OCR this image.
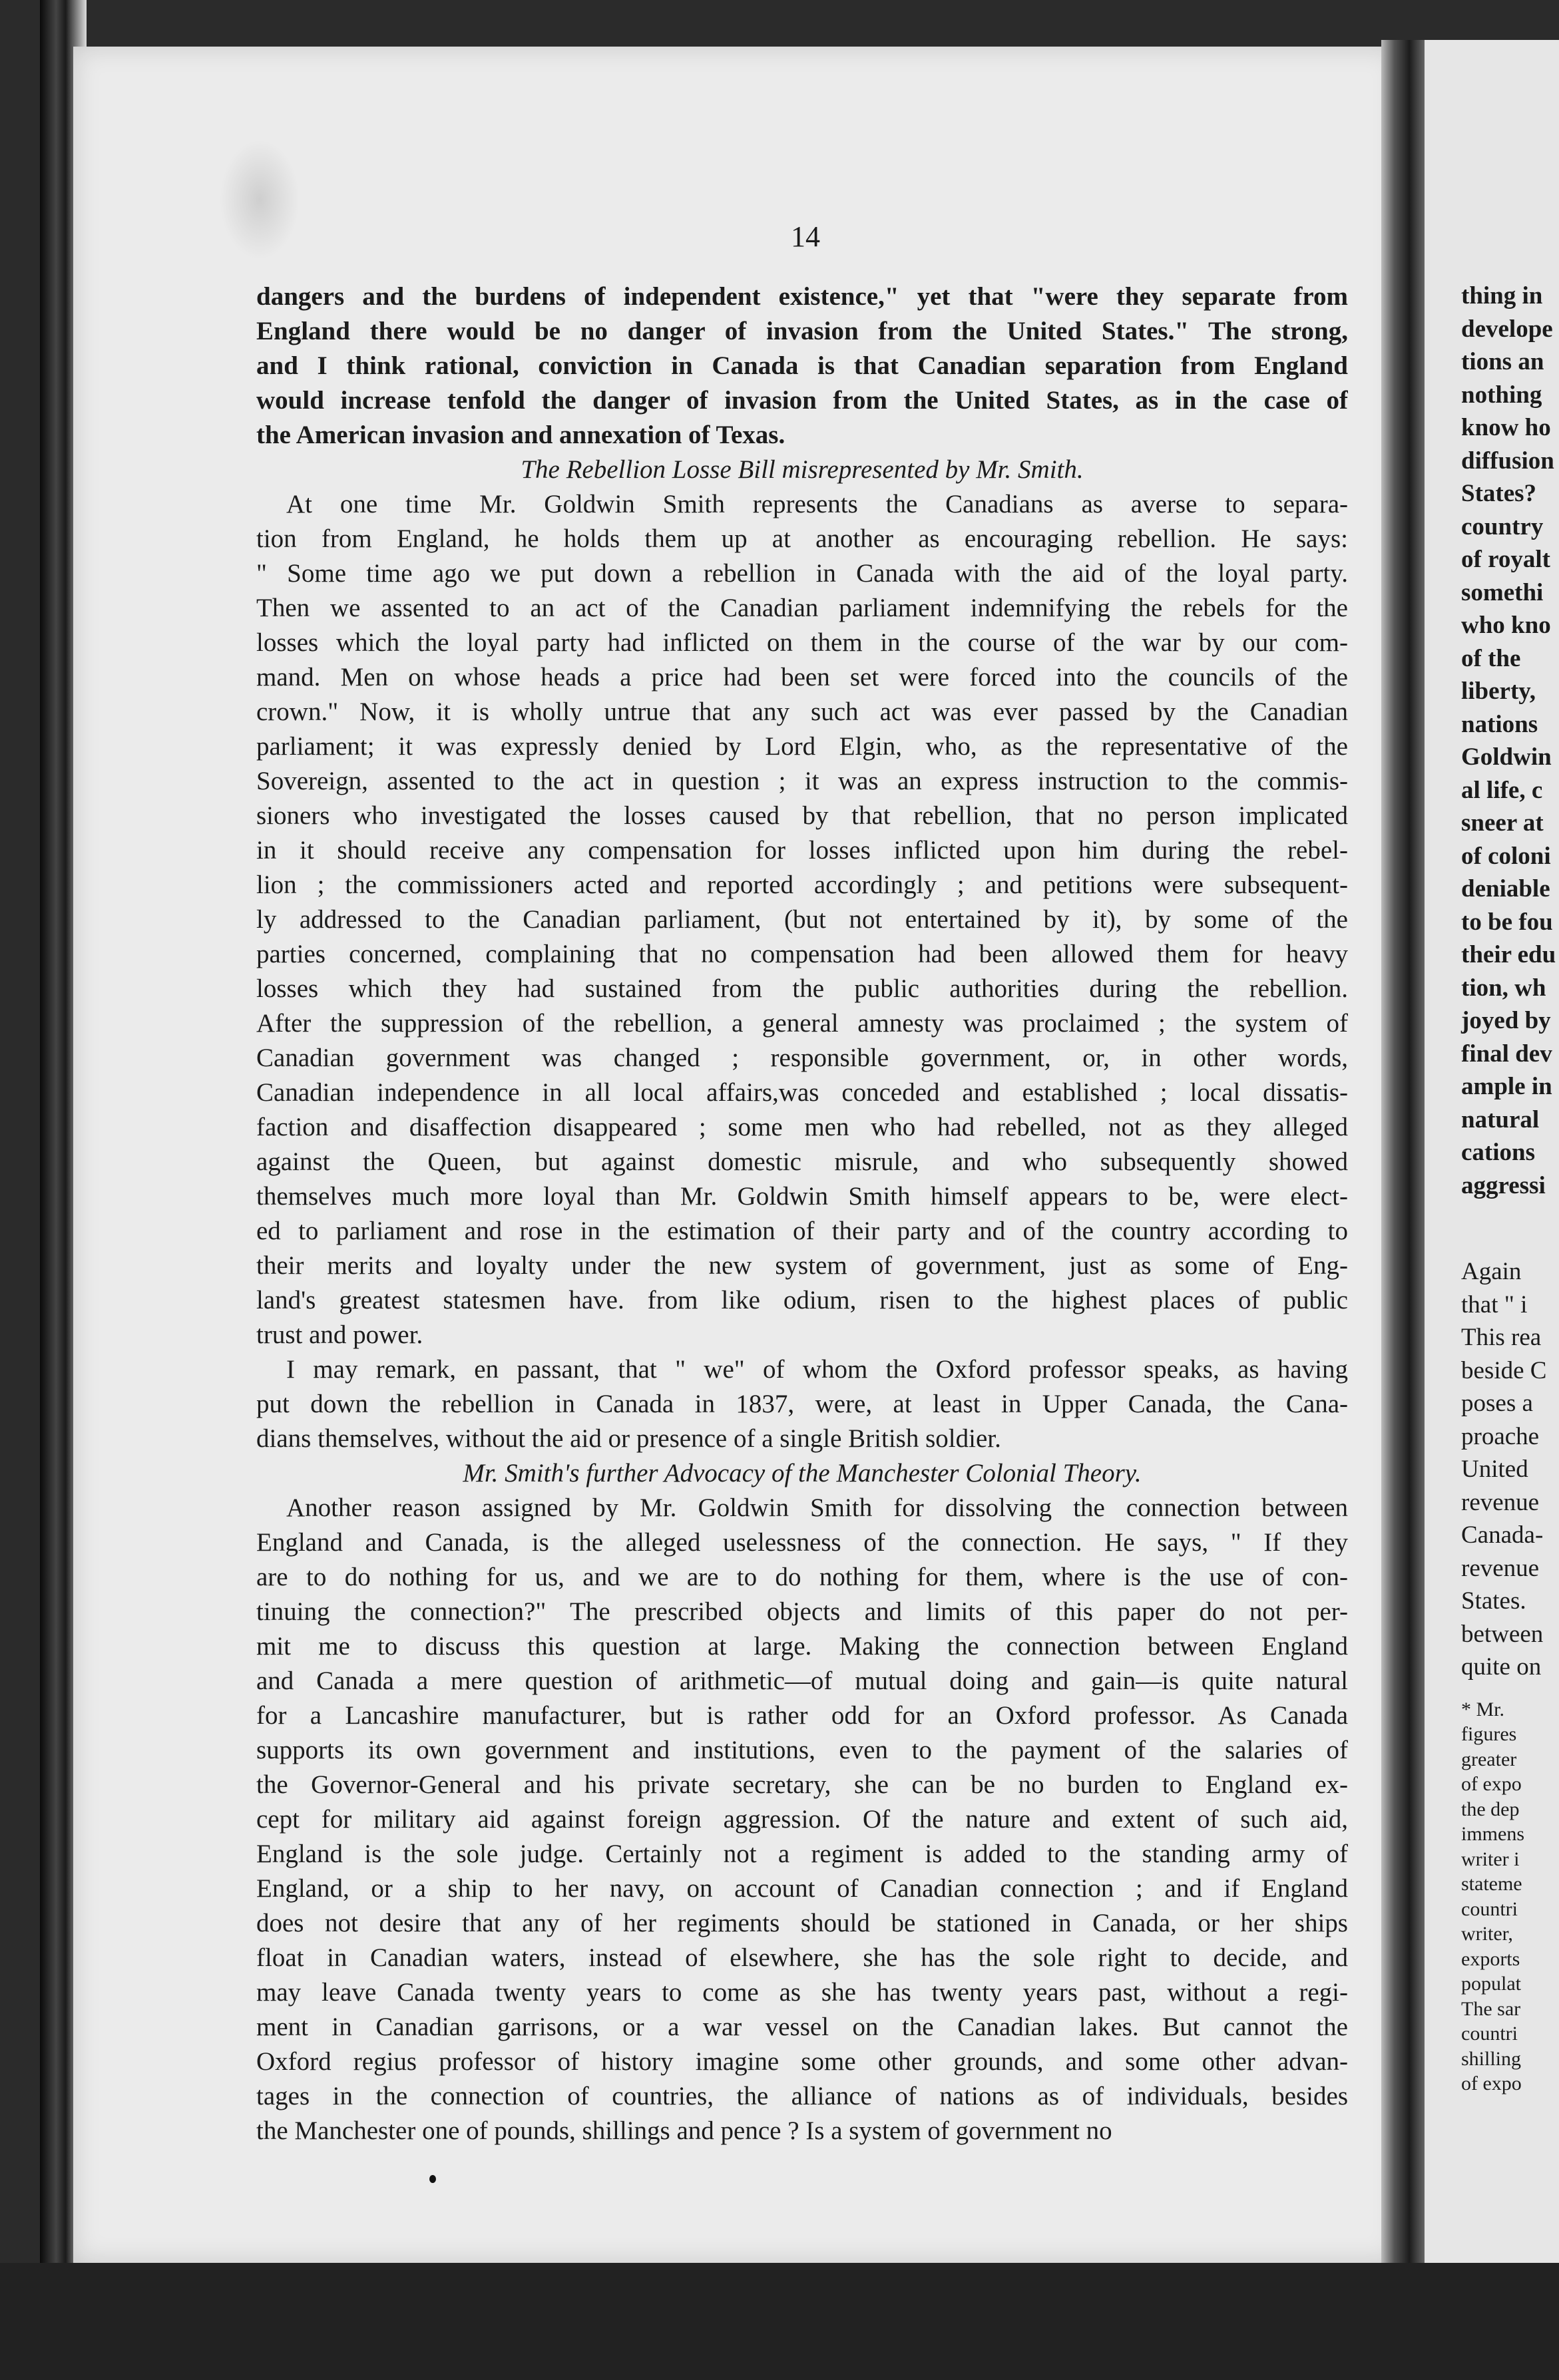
14
dangers and the burdens of independent existence," yet that "were they separate from
England there would be no danger of invasion from the United States." The strong,
and I think rational, conviction in Canada is that Canadian separation from England
would increase tenfold the danger of invasion from the United States, as in the case of
the American invasion and annexation of Texas.
The Rebellion Losse Bill misrepresented by Mr. Smith.
At one time Mr. Goldwin Smith represents the Canadians as averse to separa-
tion from England, he holds them up at another as encouraging rebellion. He says:
" Some time ago we put down a rebellion in Canada with the aid of the loyal party.
Then we assented to an act of the Canadian parliament indemnifying the rebels for the
losses which the loyal party had inflicted on them in the course of the war by our com-
mand. Men on whose heads a price had been set were forced into the councils of the
crown." Now, it is wholly untrue that any such act was ever passed by the Canadian
parliament; it was expressly denied by Lord Elgin, who, as the representative of the
Sovereign, assented to the act in question ; it was an express instruction to the commis-
sioners who investigated the losses caused by that rebellion, that no person implicated
in it should receive any compensation for losses inflicted upon him during the rebel-
lion ; the commissioners acted and reported accordingly ; and petitions were subsequent-
ly addressed to the Canadian parliament, (but not entertained by it), by some of the
parties concerned, complaining that no compensation had been allowed them for heavy
losses which they had sustained from the public authorities during the rebellion.
After the suppression of the rebellion, a general amnesty was proclaimed ; the system of
Canadian government was changed ; responsible government, or, in other words,
Canadian independence in all local affairs,was conceded and established ; local dissatis-
faction and disaffection disappeared ; some men who had rebelled, not as they alleged
against the Queen, but against domestic misrule, and who subsequently showed
themselves much more loyal than Mr. Goldwin Smith himself appears to be, were elect-
ed to parliament and rose in the estimation of their party and of the country according to
their merits and loyalty under the new system of government, just as some of Eng-
land's greatest statesmen have. from like odium, risen to the highest places of public
trust and power.
I may remark, en passant, that " we" of whom the Oxford professor speaks, as having
put down the rebellion in Canada in 1837, were, at least in Upper Canada, the Cana-
dians themselves, without the aid or presence of a single British soldier.
Mr. Smith's further Advocacy of the Manchester Colonial Theory.
Another reason assigned by Mr. Goldwin Smith for dissolving the connection between
England and Canada, is the alleged uselessness of the connection. He says, " If they
are to do nothing for us, and we are to do nothing for them, where is the use of con-
tinuing the connection?" The prescribed objects and limits of this paper do not per-
mit me to discuss this question at large. Making the connection between England
and Canada a mere question of arithmetic—of mutual doing and gain—is quite natural
for a Lancashire manufacturer, but is rather odd for an Oxford professor. As Canada
supports its own government and institutions, even to the payment of the salaries of
the Governor-General and his private secretary, she can be no burden to England ex-
cept for military aid against foreign aggression. Of the nature and extent of such aid,
England is the sole judge. Certainly not a regiment is added to the standing army of
England, or a ship to her navy, on account of Canadian connection ; and if England
does not desire that any of her regiments should be stationed in Canada, or her ships
float in Canadian waters, instead of elsewhere, she has the sole right to decide, and
may leave Canada twenty years to come as she has twenty years past, without a regi-
ment in Canadian garrisons, or a war vessel on the Canadian lakes. But cannot the
Oxford regius professor of history imagine some other grounds, and some other advan-
tages in the connection of countries, the alliance of nations as of individuals, besides
the Manchester one of pounds, shillings and pence ? Is a system of government no
thing in
develope
tions an
nothing
know ho
diffusion
States?
country
of royalt
somethi
who kno
of the
liberty,
nations
Goldwin
al life, c
sneer at
of coloni
deniable
to be fou
their edu
tion, wh
joyed by
final dev
ample in
natural
cations
aggressi
Again
that " i
This rea
beside C
poses a
proache
United
revenue
Canada-
revenue
States.
between
quite on
* Mr.
figures
greater
of expo
the dep
immens
writer i
stateme
countri
writer,
exports
populat
The sar
countri
shilling
of expo
